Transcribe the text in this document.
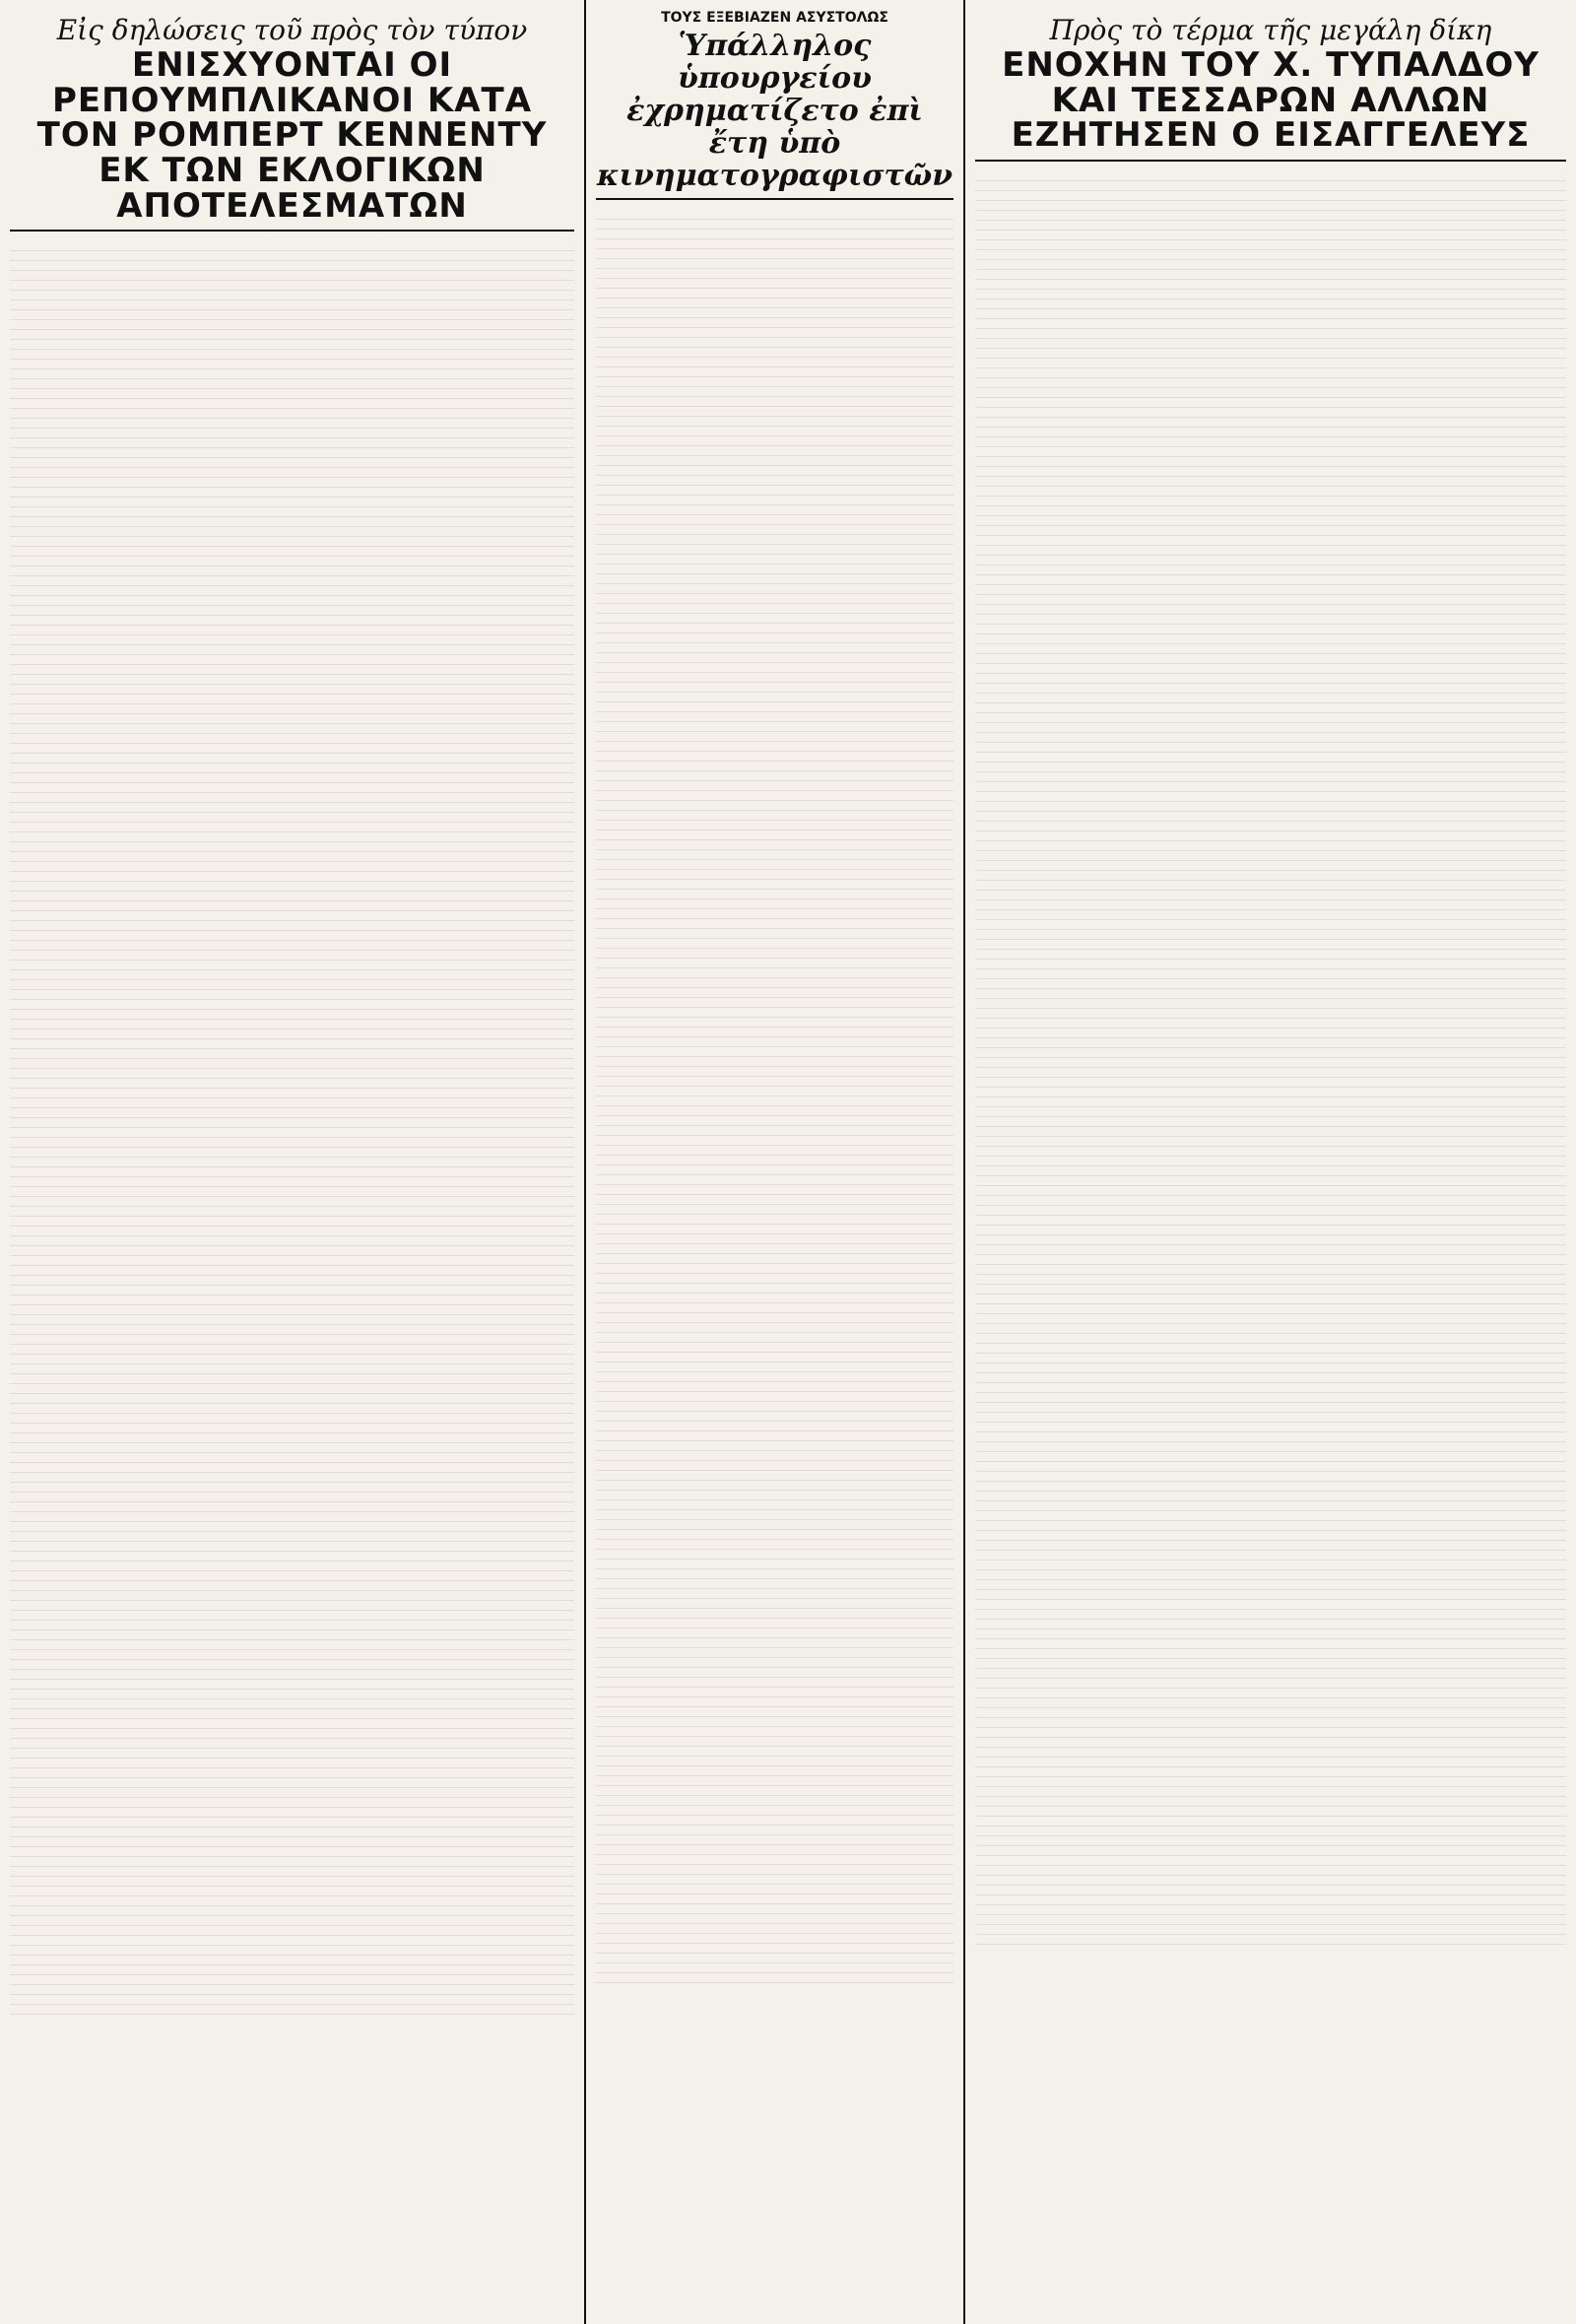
Εἰς δηλώσεις τοῦ πρὸς τὸν τύπον
ΕΝΙΣΧΥΟΝΤΑΙ ΟΙ ΡΕΠΟΥΜΠΛΙΚΑΝΟΙ ΚΑΤΑ ΤΟΝ ΡΟΜΠΕΡΤ ΚΕΝΝΕΝΤΥ ΕΚ ΤΩΝ ΕΚΛΟΓΙΚΩΝ ΑΠΟΤΕΛΕΣΜΑΤΩΝ
ΤΟΥΣ ΕΞΕΒΙΑΖΕΝ ΑΣΥΣΤΟΛΩΣ
Ὑπάλληλος ὑπουργείου ἐχρηματίζετο ἐπὶ ἔτη ὑπὸ κινηματογραφιστῶν
Πρὸς τὸ τέρμα τῆς μεγάλη δίκη
ΕΝΟΧΗΝ ΤΟΥ Χ. ΤΥΠΑΛΔΟΥ ΚΑΙ ΤΕΣΣΑΡΩΝ ΑΛΛΩΝ ΕΖΗΤΗΣΕΝ Ο ΕΙΣΑΓΓΕΛΕΥΣ
